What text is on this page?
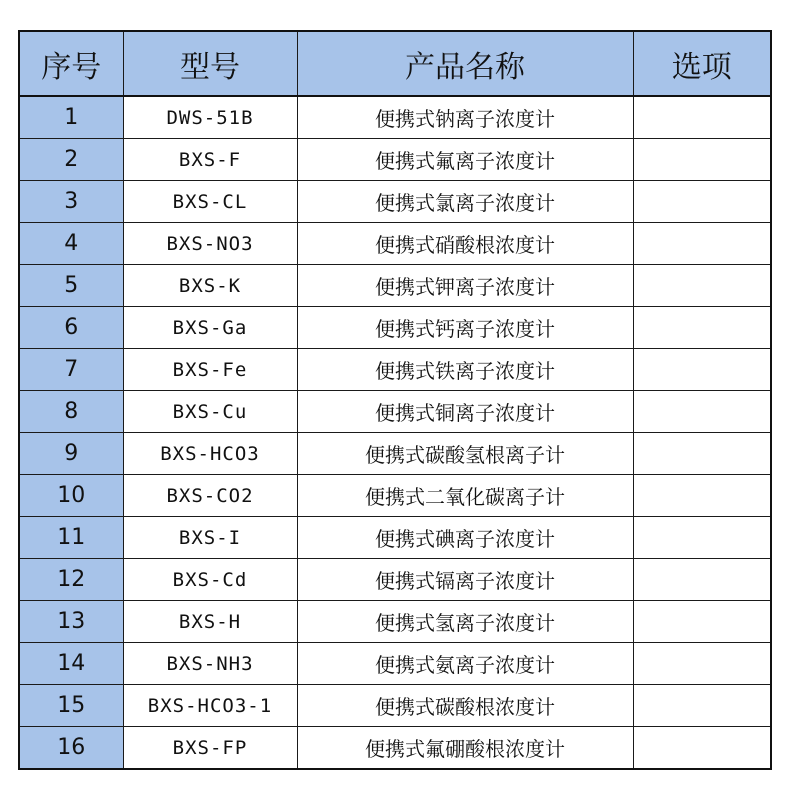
序号	型号	产品名称	选项
1	DWS-51B	便携式钠离子浓度计	
2	BXS-F	便携式氟离子浓度计	
3	BXS-CL	便携式氯离子浓度计	
4	BXS-NO3	便携式硝酸根浓度计	
5	BXS-K	便携式钾离子浓度计	
6	BXS-Ga	便携式钙离子浓度计	
7	BXS-Fe	便携式铁离子浓度计	
8	BXS-Cu	便携式铜离子浓度计	
9	BXS-HCO3	便携式碳酸氢根离子计	
10	BXS-CO2	便携式二氧化碳离子计	
11	BXS-I	便携式碘离子浓度计	
12	BXS-Cd	便携式镉离子浓度计	
13	BXS-H	便携式氢离子浓度计	
14	BXS-NH3	便携式氨离子浓度计	
15	BXS-HCO3-1	便携式碳酸根浓度计	
16	BXS-FP	便携式氟硼酸根浓度计	
